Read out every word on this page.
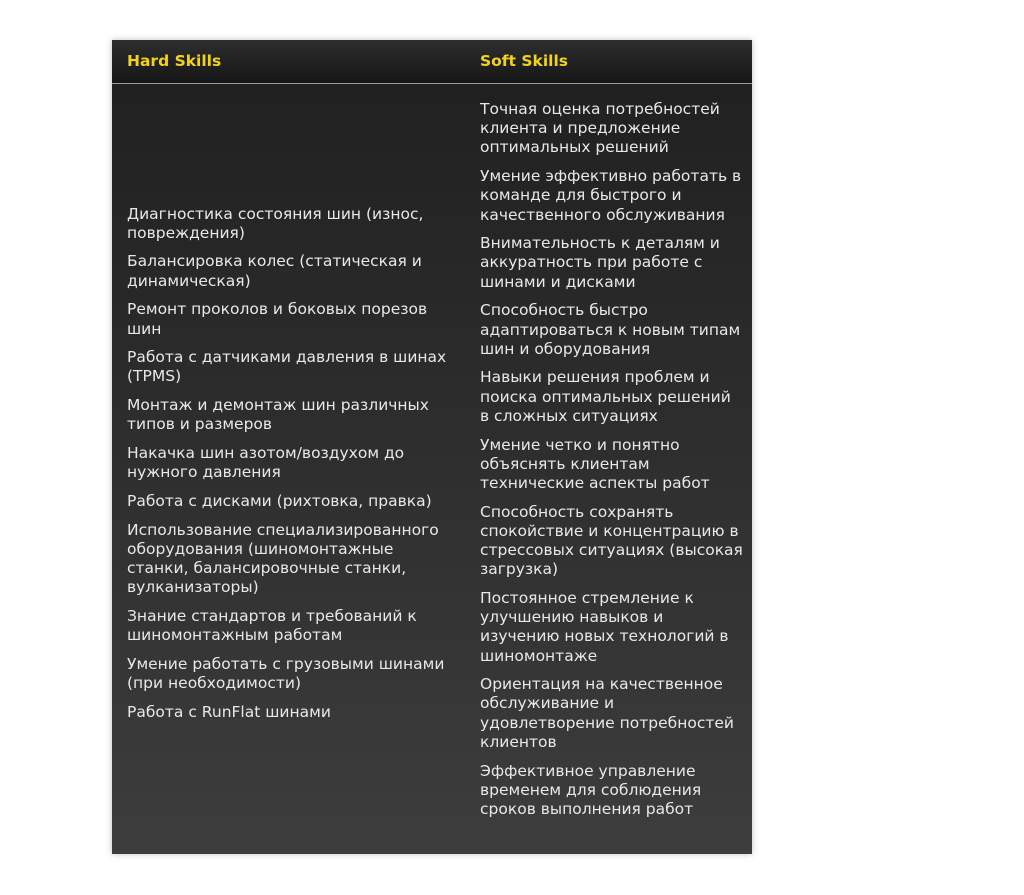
Hard Skills	Soft Skills
Диагностика состояния шин (износ, повреждения)
Балансировка колес (статическая и динамическая)
Ремонт проколов и боковых порезов шин
Работа с датчиками давления в шинах (TPMS)
Монтаж и демонтаж шин различных типов и размеров
Накачка шин азотом/воздухом до нужного давления
Работа с дисками (рихтовка, правка)
Использование специализированного оборудования (шиномонтажные станки, балансировочные станки, вулканизаторы)
Знание стандартов и требований к шиномонтажным работам
Умение работать с грузовыми шинами (при необходимости)
Работа с RunFlat шинами
Точная оценка потребностей клиента и предложение оптимальных решений
Умение эффективно работать в команде для быстрого и качественного обслуживания
Внимательность к деталям и аккуратность при работе с шинами и дисками
Способность быстро адаптироваться к новым типам шин и оборудования
Навыки решения проблем и поиска оптимальных решений в сложных ситуациях
Умение четко и понятно объяснять клиентам технические аспекты работ
Способность сохранять спокойствие и концентрацию в стрессовых ситуациях (высокая загрузка)
Постоянное стремление к улучшению навыков и изучению новых технологий в шиномонтаже
Ориентация на качественное обслуживание и удовлетворение потребностей клиентов
Эффективное управление временем для соблюдения сроков выполнения работ
